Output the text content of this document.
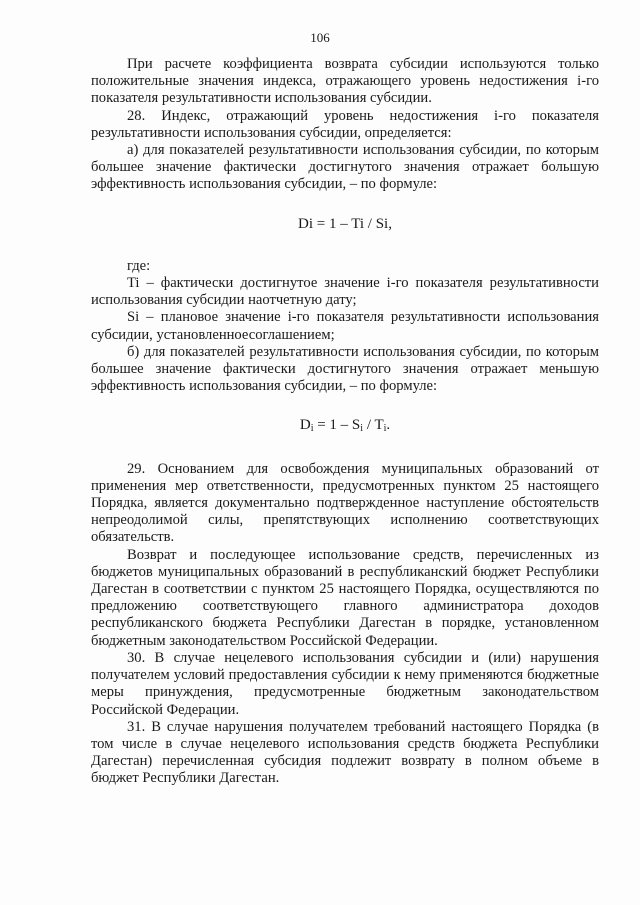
106

При расчете коэффициента возврата субсидии используются только положительные значения индекса, отражающего уровень недостижения i-го показателя результативности использования субсидии.

28. Индекс, отражающий уровень недостижения i-го показателя результативности использования субсидии, определяется:

а) для показателей результативности использования субсидии, по которым большее значение фактически достигнутого значения отражает большую эффективность использования субсидии, – по формуле:

Di = 1 – Ti / Si,

где:

Ti – фактически достигнутое значение i-го показателя результативности использования субсидии наотчетную дату;

Si – плановое значение i-го показателя результативности использования субсидии, установленноесоглашением;

б) для показателей результативности использования субсидии, по которым большее значение фактически достигнутого значения отражает меньшую эффективность использования субсидии, – по формуле:

$D_i = 1 - S_i / T_i$.

29. Основанием для освобождения муниципальных образований от применения мер ответственности, предусмотренных пунктом 25 настоящего Порядка, является документально подтвержденное наступление обстоятельств непреодолимой силы, препятствующих исполнению соответствующих обязательств.

Возврат и последующее использование средств, перечисленных из бюджетов муниципальных образований в республиканский бюджет Республики Дагестан в соответствии с пунктом 25 настоящего Порядка, осуществляются по предложению соответствующего главного администратора доходов республиканского бюджета Республики Дагестан в порядке, установленном бюджетным законодательством Российской Федерации.

30. В случае нецелевого использования субсидии и (или) нарушения получателем условий предоставления субсидии к нему применяются бюджетные меры принуждения, предусмотренные бюджетным законодательством Российской Федерации.

31. В случае нарушения получателем требований настоящего Порядка (в том числе в случае нецелевого использования средств бюджета Республики Дагестан) перечисленная субсидия подлежит возврату в полном объеме в бюджет Республики Дагестан.
